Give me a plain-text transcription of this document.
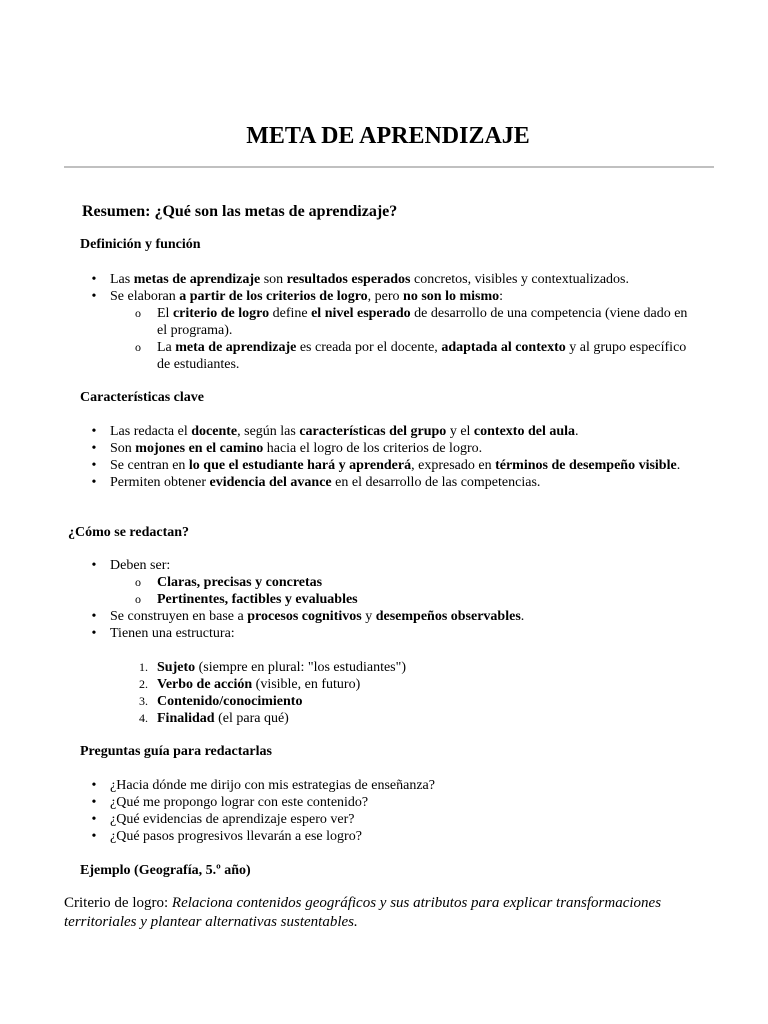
META DE APRENDIZAJE
Resumen: ¿Qué son las metas de aprendizaje?
Definición y función
• Las metas de aprendizaje son resultados esperados concretos, visibles y contextualizados.
• Se elaboran a partir de los criterios de logro, pero no son lo mismo:
o	El criterio de logro define el nivel esperado de desarrollo de una competencia (viene dado en el programa).
o	La meta de aprendizaje es creada por el docente, adaptada al contexto y al grupo específico de estudiantes.
Características clave
• Las redacta el docente, según las características del grupo y el contexto del aula.
• Son mojones en el camino hacia el logro de los criterios de logro.
• Se centran en lo que el estudiante hará y aprenderá, expresado en términos de desempeño visible.
• Permiten obtener evidencia del avance en el desarrollo de las competencias.
¿Cómo se redactan?
• Deben ser:
o	Claras, precisas y concretas
o	Pertinentes, factibles y evaluables
• Se construyen en base a procesos cognitivos y desempeños observables.
• Tienen una estructura:
1. Sujeto (siempre en plural: "los estudiantes")
2. Verbo de acción (visible, en futuro)
3. Contenido/conocimiento
4. Finalidad (el para qué)
Preguntas guía para redactarlas
• ¿Hacia dónde me dirijo con mis estrategias de enseñanza?
• ¿Qué me propongo lograr con este contenido?
• ¿Qué evidencias de aprendizaje espero ver?
• ¿Qué pasos progresivos llevarán a ese logro?
Ejemplo (Geografía, 5.º año)
Criterio de logro: Relaciona contenidos geográficos y sus atributos para explicar transformaciones territoriales y plantear alternativas sustentables.
